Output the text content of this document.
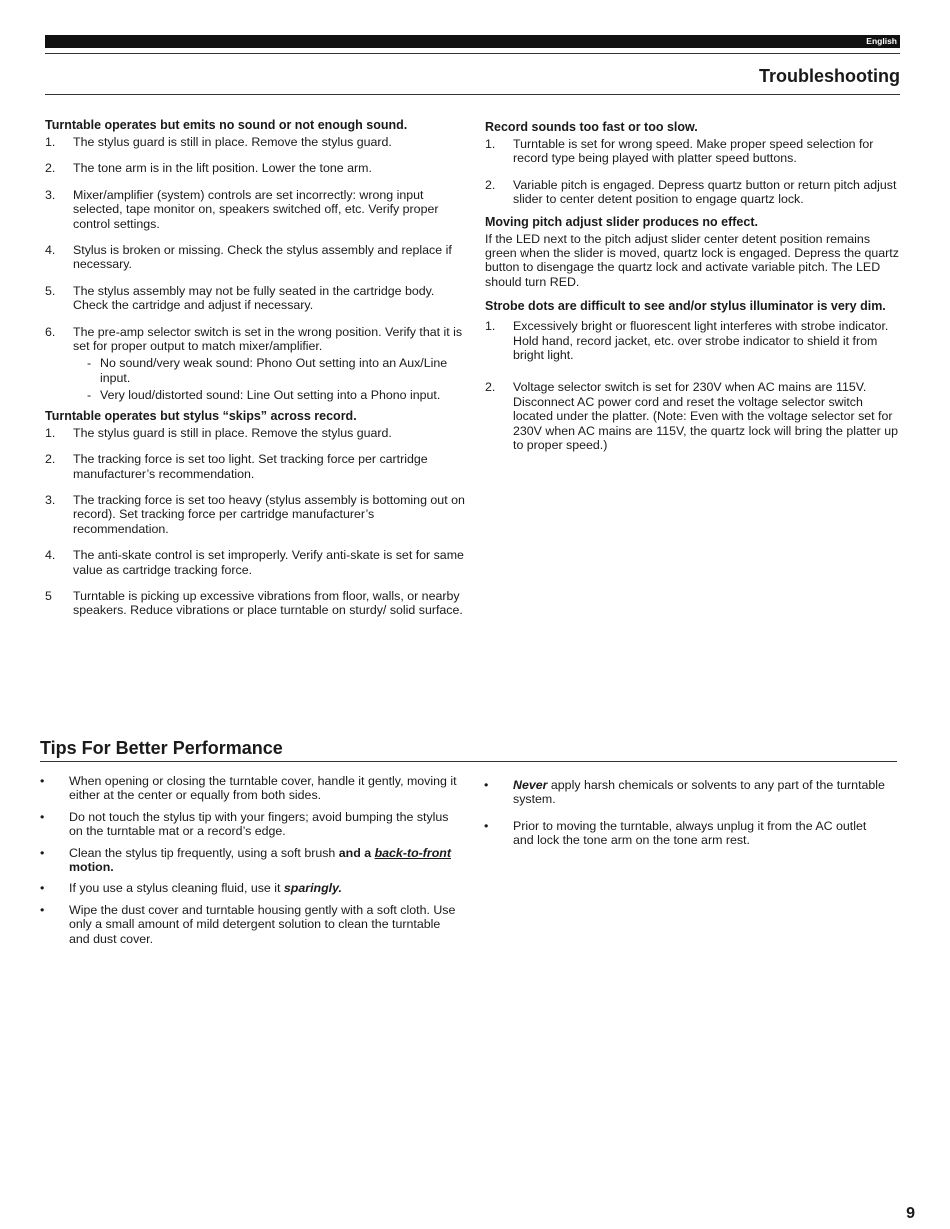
English
Troubleshooting
Turntable operates but emits no sound or not enough sound.
1. The stylus guard is still in place. Remove the stylus guard.
2. The tone arm is in the lift position. Lower the tone arm.
3. Mixer/amplifier (system) controls are set incorrectly: wrong input selected, tape monitor on, speakers switched off, etc. Verify proper control settings.
4. Stylus is broken or missing. Check the stylus assembly and replace if necessary.
5. The stylus assembly may not be fully seated in the cartridge body. Check the cartridge and adjust if necessary.
6. The pre-amp selector switch is set in the wrong position. Verify that it is set for proper output to match mixer/amplifier.
- No sound/very weak sound: Phono Out setting into an Aux/Line input.
- Very loud/distorted sound: Line Out setting into a Phono input.
Turntable operates but stylus “skips” across record.
1. The stylus guard is still in place. Remove the stylus guard.
2. The tracking force is set too light. Set tracking force per cartridge manufacturer’s recommendation.
3. The tracking force is set too heavy (stylus assembly is bottoming out on record). Set tracking force per cartridge manufacturer’s recommendation.
4. The anti-skate control is set improperly. Verify anti-skate is set for same value as cartridge tracking force.
5 Turntable is picking up excessive vibrations from floor, walls, or nearby speakers. Reduce vibrations or place turntable on sturdy/ solid surface.
Record sounds too fast or too slow.
1. Turntable is set for wrong speed. Make proper speed selection for record type being played with platter speed buttons.
2. Variable pitch is engaged. Depress quartz button or return pitch adjust slider to center detent position to engage quartz lock.
Moving pitch adjust slider produces no effect.

If the LED next to the pitch adjust slider center detent position remains green when the slider is moved, quartz lock is engaged. Depress the quartz button to disengage the quartz lock and activate variable pitch. The LED should turn RED.

Strobe dots are difficult to see and/or stylus illuminator is very dim.
1. Excessively bright or fluorescent light interferes with strobe indicator. Hold hand, record jacket, etc. over strobe indicator to shield it from bright light.
2. Voltage selector switch is set for 230V when AC mains are 115V. Disconnect AC power cord and reset the voltage selector switch located under the platter. (Note: Even with the voltage selector set for 230V when AC mains are 115V, the quartz lock will bring the platter up to proper speed.)
Tips For Better Performance
• When opening or closing the turntable cover, handle it gently, moving it either at the center or equally from both sides.
• Do not touch the stylus tip with your fingers; avoid bumping the stylus on the turntable mat or a record’s edge.
• Clean the stylus tip frequently, using a soft brush and a back-to-front motion.
• If you use a stylus cleaning fluid, use it sparingly.
• Wipe the dust cover and turntable housing gently with a soft cloth. Use only a small amount of mild detergent solution to clean the turntable and dust cover.
• Never apply harsh chemicals or solvents to any part of the turntable system.
• Prior to moving the turntable, always unplug it from the AC outlet and lock the tone arm on the tone arm rest.
9
